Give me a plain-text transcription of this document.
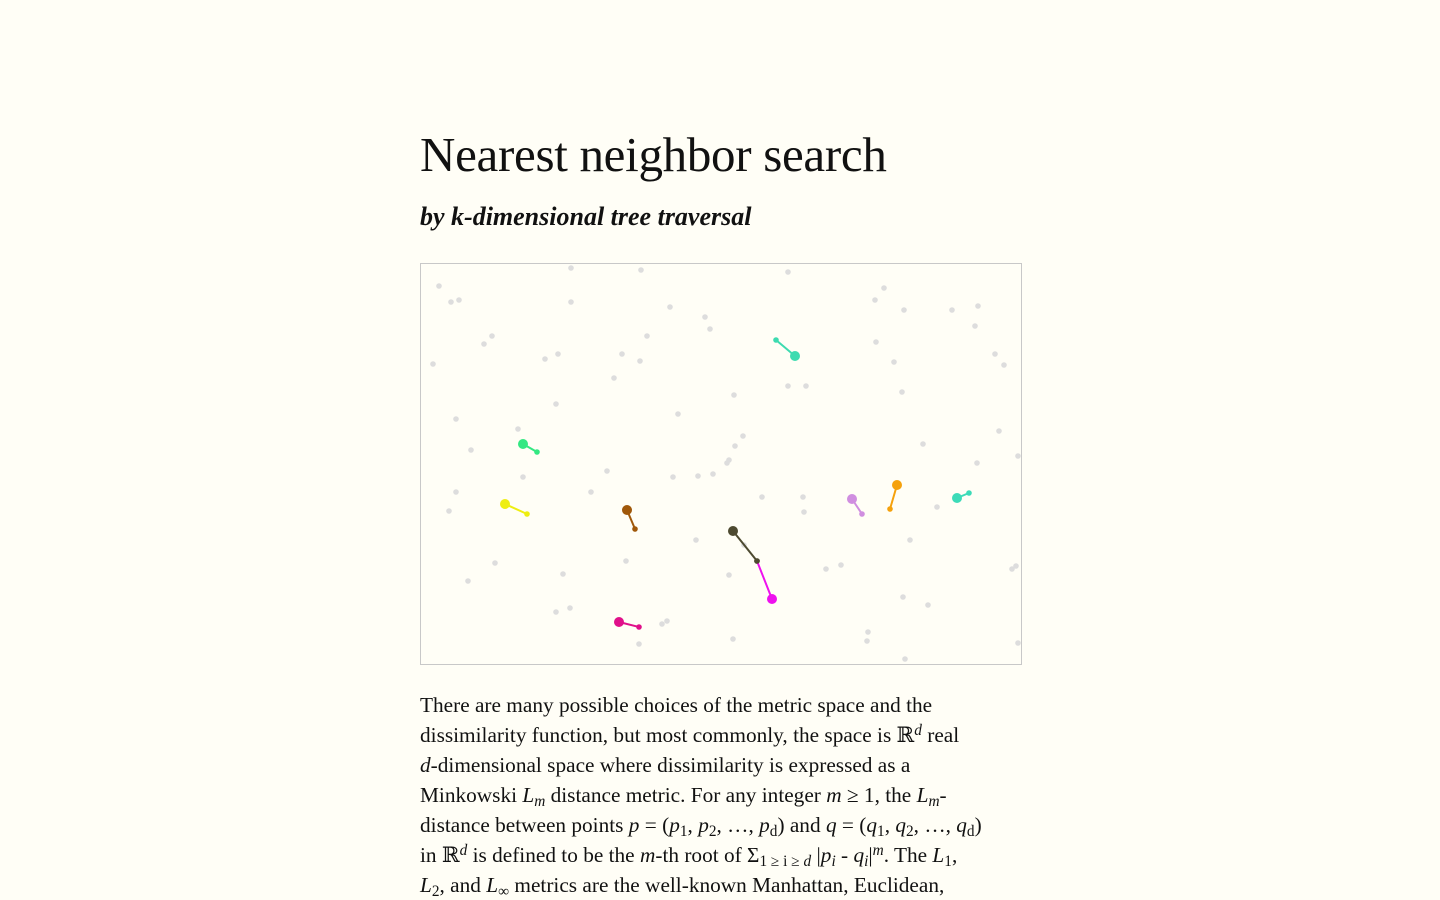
Nearest neighbor search
by k-dimensional tree traversal

There are many possible choices of the metric space and the
dissimilarity function, but most commonly, the space is ℝ$^d$ real
d-dimensional space where dissimilarity is expressed as a
Minkowski $L_m$ distance metric. For any integer m ≥ 1, the $L_m-$
distance between points $p = (p_1$, $p_2$, …, $p_d$) and $q = (q_1$, $q_2$, …, $q_d$)
in ℝ$^d$ is defined to be the m-th root of $\Sigma_{1 \ge i \ge}$ $_d$ $|p_i - q_i|^m$. The $L_1$,
$L_2$, and $L_\infty$ metrics are the well-known Manhattan, Euclidean,
